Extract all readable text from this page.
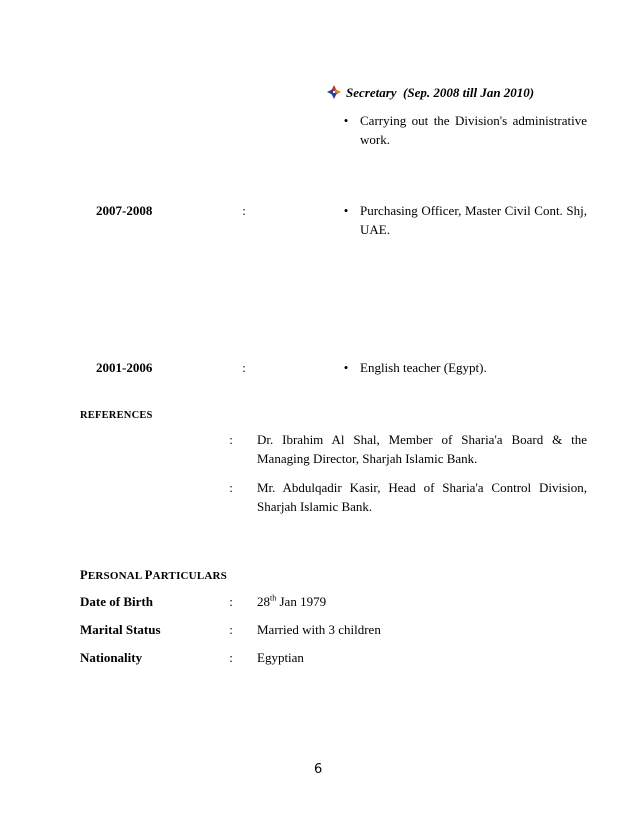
Secretary  (Sep. 2008 till Jan 2010)
• Carrying out the Division's administrative work.
2007-2008	:	• Purchasing Officer, Master Civil Cont. Shj, UAE.
2001-2006	:	• English teacher (Egypt).
REFERENCES
:	Dr. Ibrahim Al Shal, Member of Sharia'a Board & the Managing Director, Sharjah Islamic Bank.
:	Mr. Abdulqadir Kasir, Head of Sharia'a Control Division, Sharjah Islamic Bank.
PERSONAL PARTICULARS
Date of Birth	:	28th Jan 1979
Marital Status	:	Married with 3 children
Nationality	:	Egyptian
6
